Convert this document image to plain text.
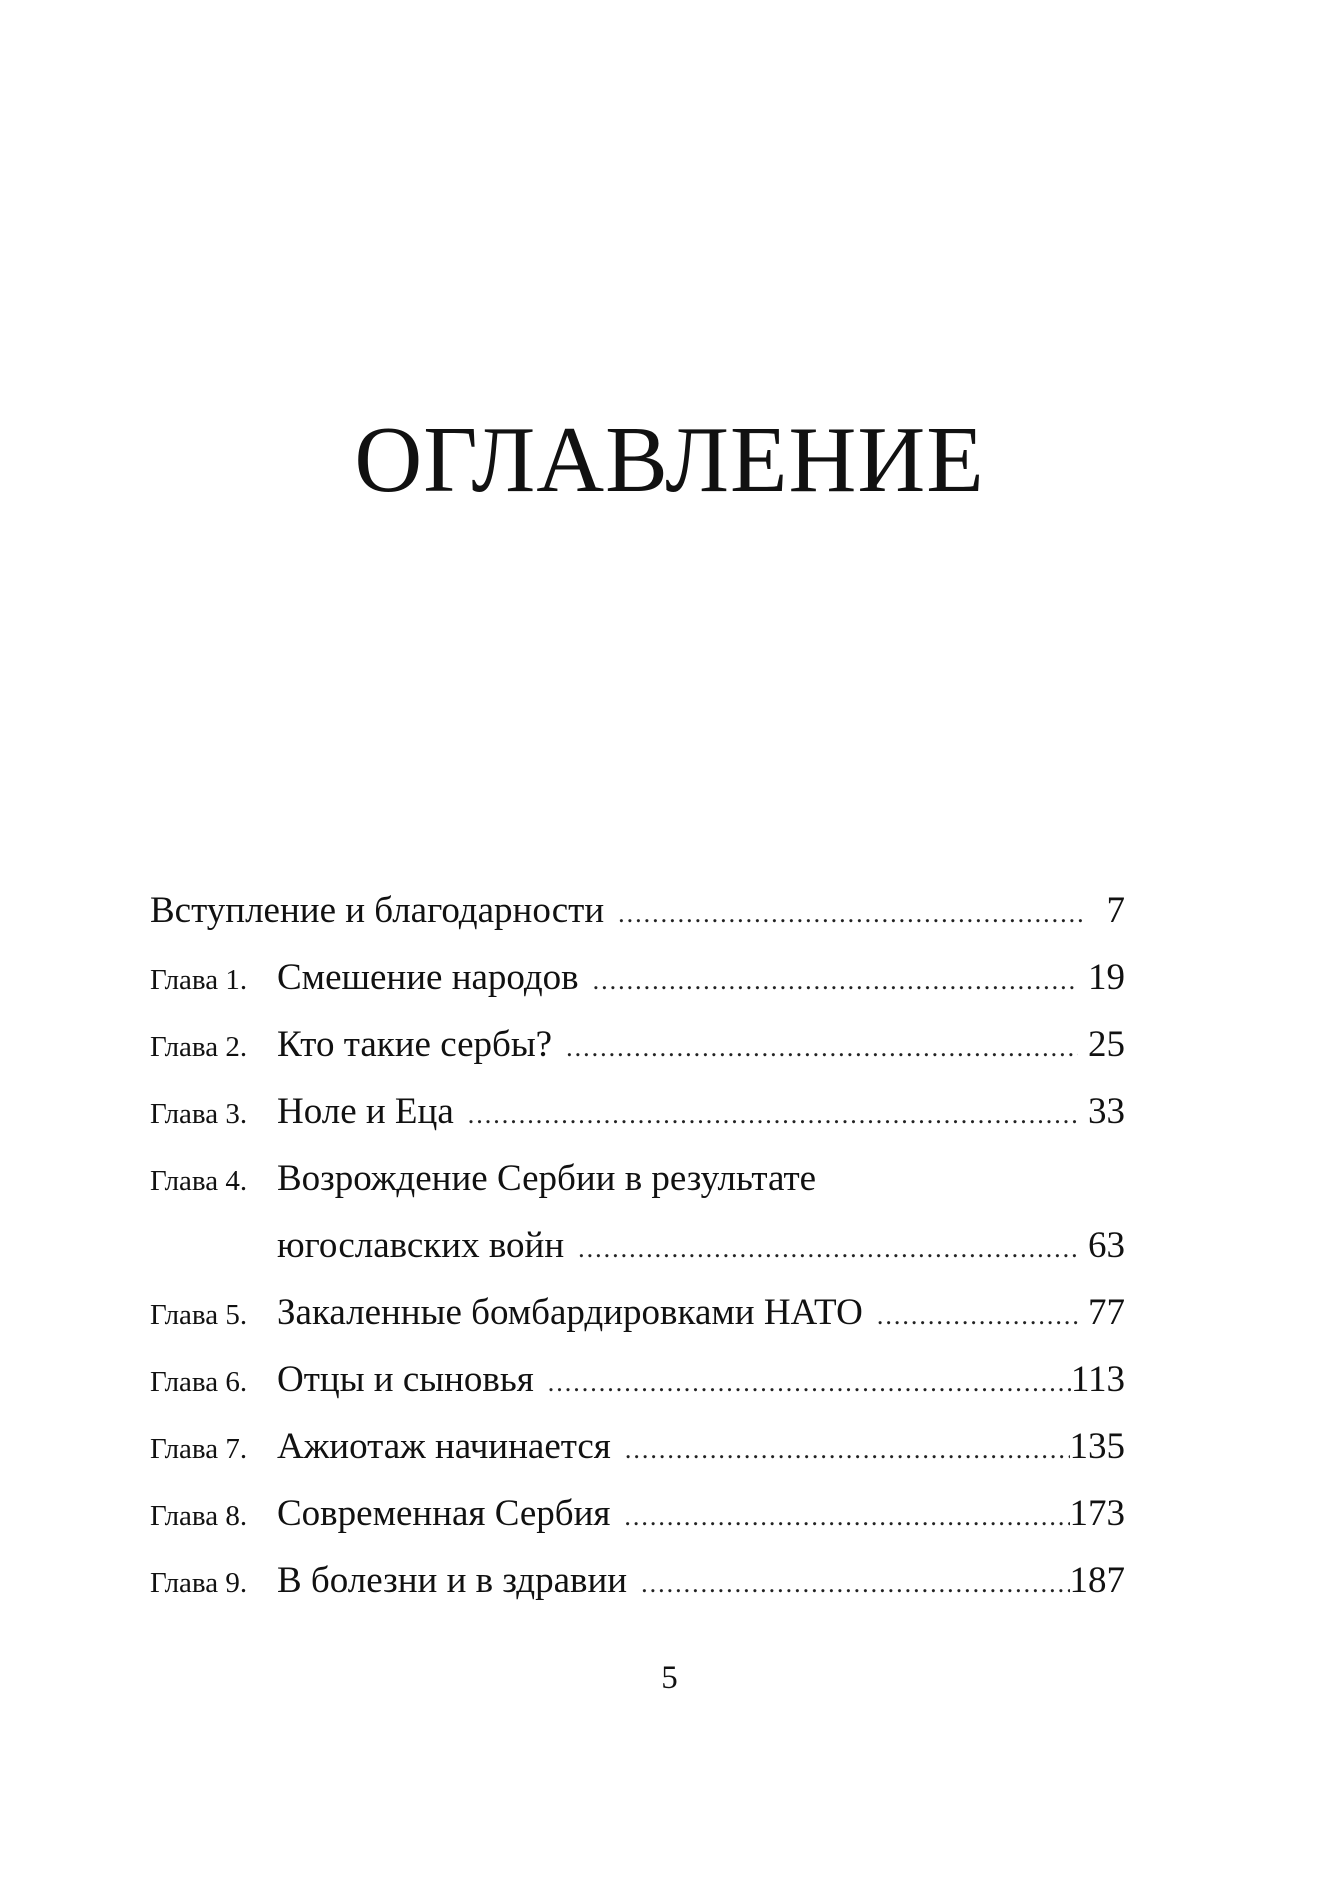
ОГЛАВЛЕНИЕ
Вступление и благодарности .....	7
Глава 1. Смешение народов .....	19
Глава 2. Кто такие сербы? .....	25
Глава 3. Ноле и Еца .....	33
Глава 4. Возрождение Сербии в результате
югославских войн .....	63
Глава 5. Закаленные бомбардировками НАТО .....	77
Глава 6. Отцы и сыновья .....	113
Глава 7. Ажиотаж начинается .....	135
Глава 8. Современная Сербия .....	173
Глава 9. В болезни и в здравии .....	187
5
